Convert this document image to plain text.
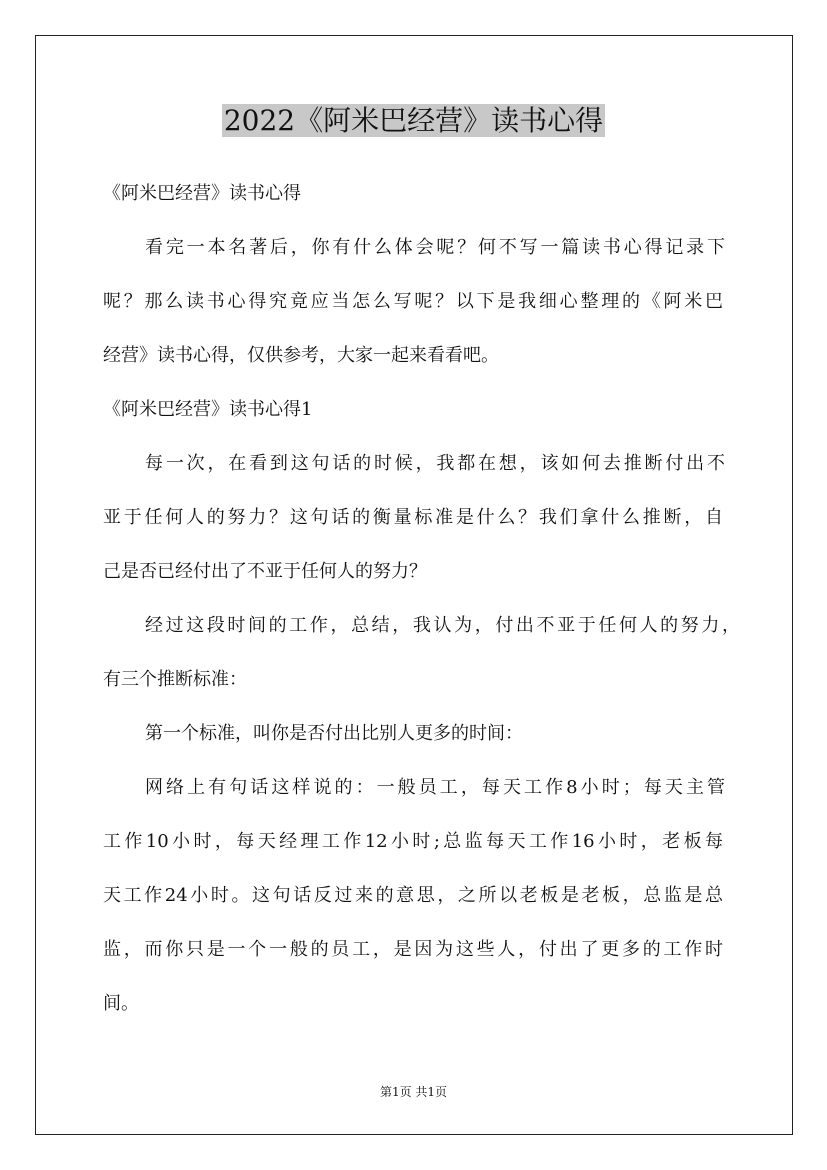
2022《阿米巴经营》读书心得

《阿米巴经营》读书心得

看完一本名著后，你有什么体会呢？何不写一篇读书心得记录下

呢？那么读书心得究竟应当怎么写呢？以下是我细心整理的《阿米巴

经营》读书心得，仅供参考，大家一起来看看吧。

《阿米巴经营》读书心得1

每一次，在看到这句话的时候，我都在想，该如何去推断付出不

亚于任何人的努力？这句话的衡量标准是什么？我们拿什么推断，自

己是否已经付出了不亚于任何人的努力？

经过这段时间的工作，总结，我认为，付出不亚于任何人的努力，

有三个推断标准：

第一个标准，叫你是否付出比别人更多的时间：

网络上有句话这样说的：一般员工，每天工作8小时；每天主管

工作10小时，每天经理工作12小时;总监每天工作16小时，老板每

天工作24小时。这句话反过来的意思，之所以老板是老板，总监是总

监，而你只是一个一般的员工，是因为这些人，付出了更多的工作时

间。

第1页 共1页
